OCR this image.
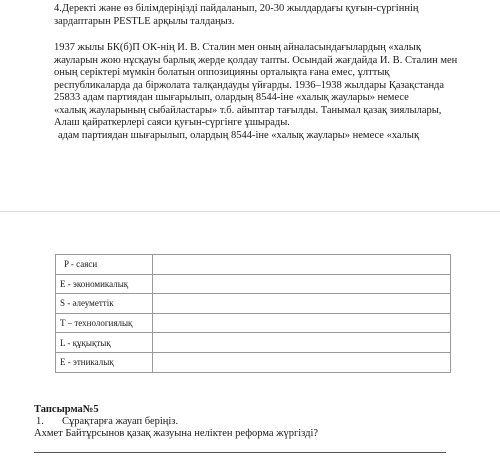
4.Деректі және өз білімдеріңізді пайдаланып, 20-30 жылдардағы қуғын-сүргіннің
зардаптарын PESTLE арқылы талдаңыз.
1937 жылы БК(б)П ОК-нің И. В. Сталин мен оның айналасындағылардың «халық
жауларын жою нұсқауы барлық жерде қолдау тапты. Осындай жағдайда И. В. Сталин мен
оның серіктері мүмкін болатын оппозицияны орталықта ғана емес, ұлттық
республикаларда да біржолата талқандауды үйғарды. 1936–1938 жылдары Қазақстанда
25833 адам партиядан шығарылып, олардың 8544-іне «халық жаулары» немесе
«халық жауларының сыбайластары» т.б. айыптар тағылды. Танымал қазақ зиялылары,
Алаш қайраткерлері саяси қуғын-сүргінге ұшырады.
адам партиядан шығарылып, олардың 8544-іне «халық жаулары» немесе «халық
P - саяси	
E - экономикалық	
S - әлеуметтік	
T – технологиялық	
L - құқықтық	
E - этникалық	
Тапсырма№5
1. Сұрақтарға жауап беріңіз.
Ахмет Байтұрсынов қазақ жазуына неліктен реформа жүргізді?
